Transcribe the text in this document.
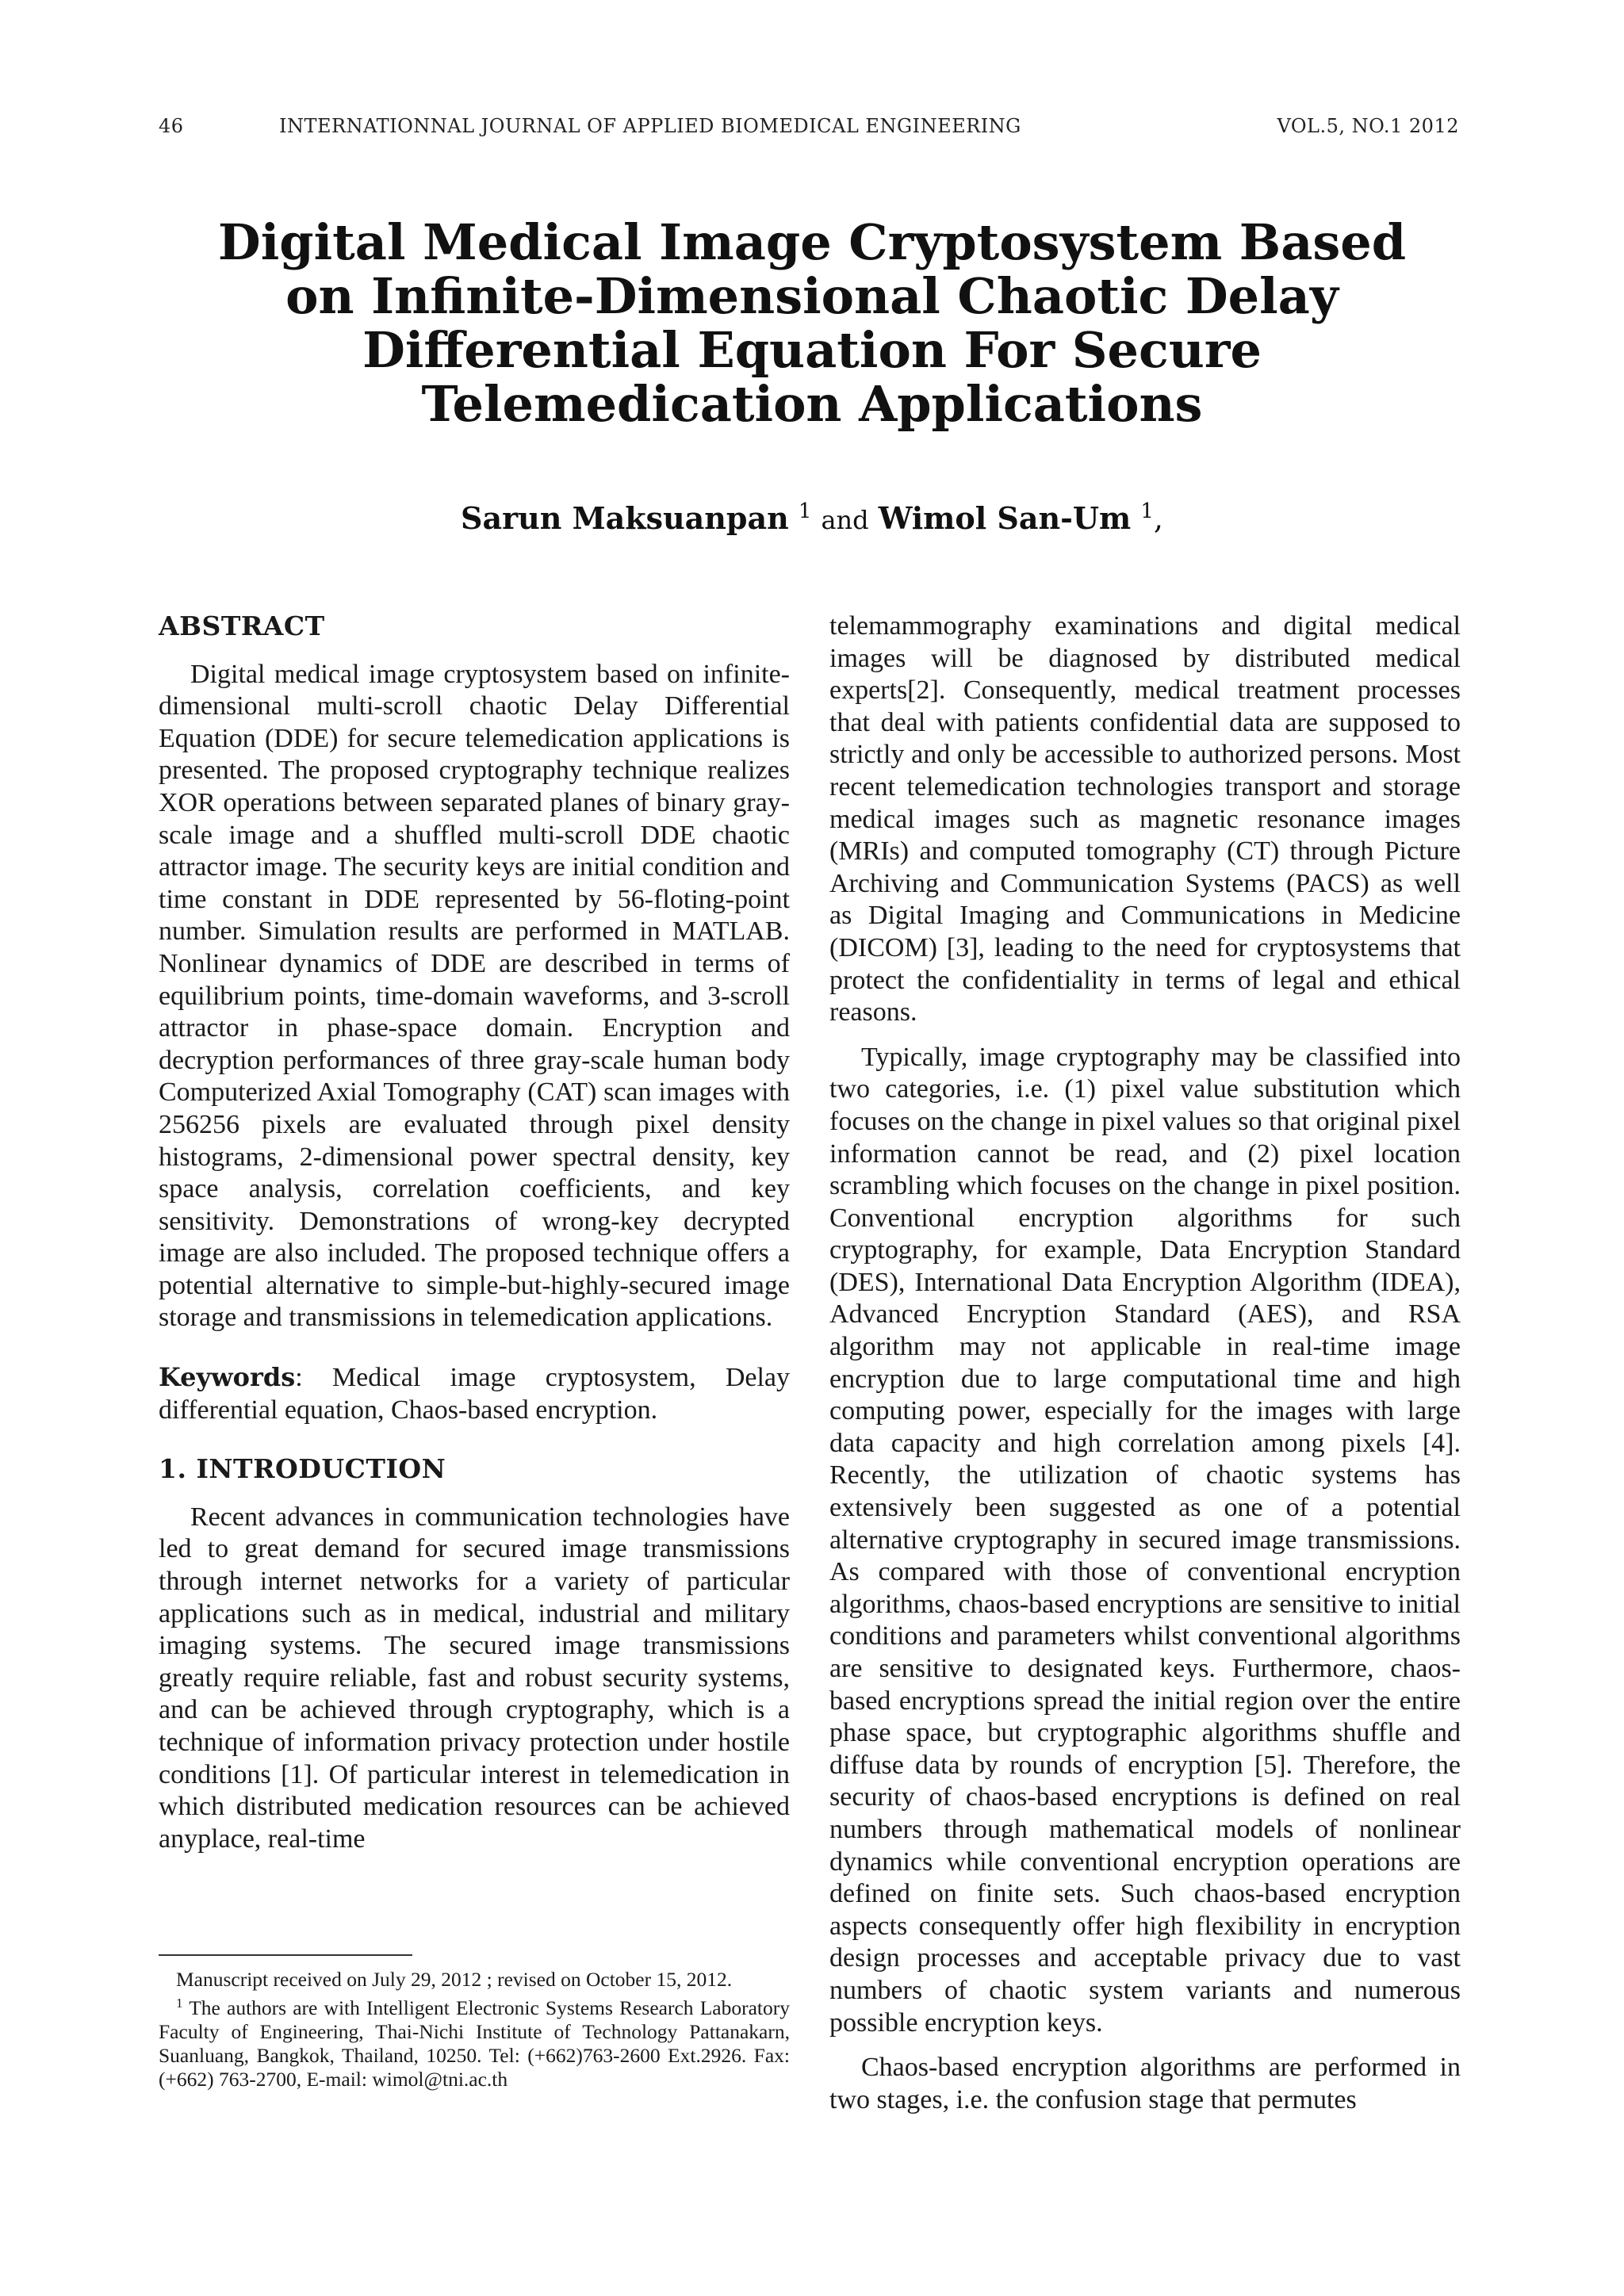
46	INTERNATIONNAL JOURNAL OF APPLIED BIOMEDICAL ENGINEERING	VOL.5, NO.1 2012
Digital Medical Image Cryptosystem Based
on Infinite-Dimensional Chaotic Delay
Differential Equation For Secure
Telemedication Applications
Sarun Maksuanpan $^1$ and Wimol San-Um $^1$,
ABSTRACT

Digital medical image cryptosystem based on infinite-dimensional multi-scroll chaotic Delay Differential Equation (DDE) for secure telemedication applications is presented. The proposed cryptography technique realizes XOR operations between separated planes of binary gray-scale image and a shuffled multi-scroll DDE chaotic attractor image. The security keys are initial condition and time constant in DDE represented by 56-floting-point number. Simulation results are performed in MATLAB. Nonlinear dynamics of DDE are described in terms of equilibrium points, time-domain waveforms, and 3-scroll attractor in phase-space domain. Encryption and decryption performances of three gray-scale human body Computerized Axial Tomography (CAT) scan images with 256256 pixels are evaluated through pixel density histograms, 2-dimensional power spectral density, key space analysis, correlation coefficients, and key sensitivity. Demonstrations of wrong-key decrypted image are also included. The proposed technique offers a potential alternative to simple-but-highly-secured image storage and transmissions in telemedication applications.

Keywords: Medical image cryptosystem, Delay differential equation, Chaos-based encryption.

1. INTRODUCTION

Recent advances in communication technologies have led to great demand for secured image transmissions through internet networks for a variety of particular applications such as in medical, industrial and military imaging systems. The secured image transmissions greatly require reliable, fast and robust security systems, and can be achieved through cryptography, which is a technique of information privacy protection under hostile conditions [1]. Of particular interest in telemedication in which distributed medication resources can be achieved anyplace, real-time

Manuscript received on July 29, 2012 ; revised on October 15, 2012.

$^1$ The authors are with Intelligent Electronic Systems Research Laboratory Faculty of Engineering, Thai-Nichi Institute of Technology Pattanakarn, Suanluang, Bangkok, Thailand, 10250. Tel: (+662)763-2600 Ext.2926. Fax: (+662) 763-2700, E-mail: wimol@tni.ac.th

telemammography examinations and digital medical images will be diagnosed by distributed medical experts[2]. Consequently, medical treatment processes that deal with patients confidential data are supposed to strictly and only be accessible to authorized persons. Most recent telemedication technologies transport and storage medical images such as magnetic resonance images (MRIs) and computed tomography (CT) through Picture Archiving and Communication Systems (PACS) as well as Digital Imaging and Communications in Medicine (DICOM) [3], leading to the need for cryptosystems that protect the confidentiality in terms of legal and ethical reasons.

Typically, image cryptography may be classified into two categories, i.e. (1) pixel value substitution which focuses on the change in pixel values so that original pixel information cannot be read, and (2) pixel location scrambling which focuses on the change in pixel position. Conventional encryption algorithms for such cryptography, for example, Data Encryption Standard (DES), International Data Encryption Algorithm (IDEA), Advanced Encryption Standard (AES), and RSA algorithm may not applicable in real-time image encryption due to large computational time and high computing power, especially for the images with large data capacity and high correlation among pixels [4]. Recently, the utilization of chaotic systems has extensively been suggested as one of a potential alternative cryptography in secured image transmissions. As compared with those of conventional encryption algorithms, chaos-based encryptions are sensitive to initial conditions and parameters whilst conventional algorithms are sensitive to designated keys. Furthermore, chaos-based encryptions spread the initial region over the entire phase space, but cryptographic algorithms shuffle and diffuse data by rounds of encryption [5]. Therefore, the security of chaos-based encryptions is defined on real numbers through mathematical models of nonlinear dynamics while conventional encryption operations are defined on finite sets. Such chaos-based encryption aspects consequently offer high flexibility in encryption design processes and acceptable privacy due to vast numbers of chaotic system variants and numerous possible encryption keys.

Chaos-based encryption algorithms are performed in two stages, i.e. the confusion stage that permutes
